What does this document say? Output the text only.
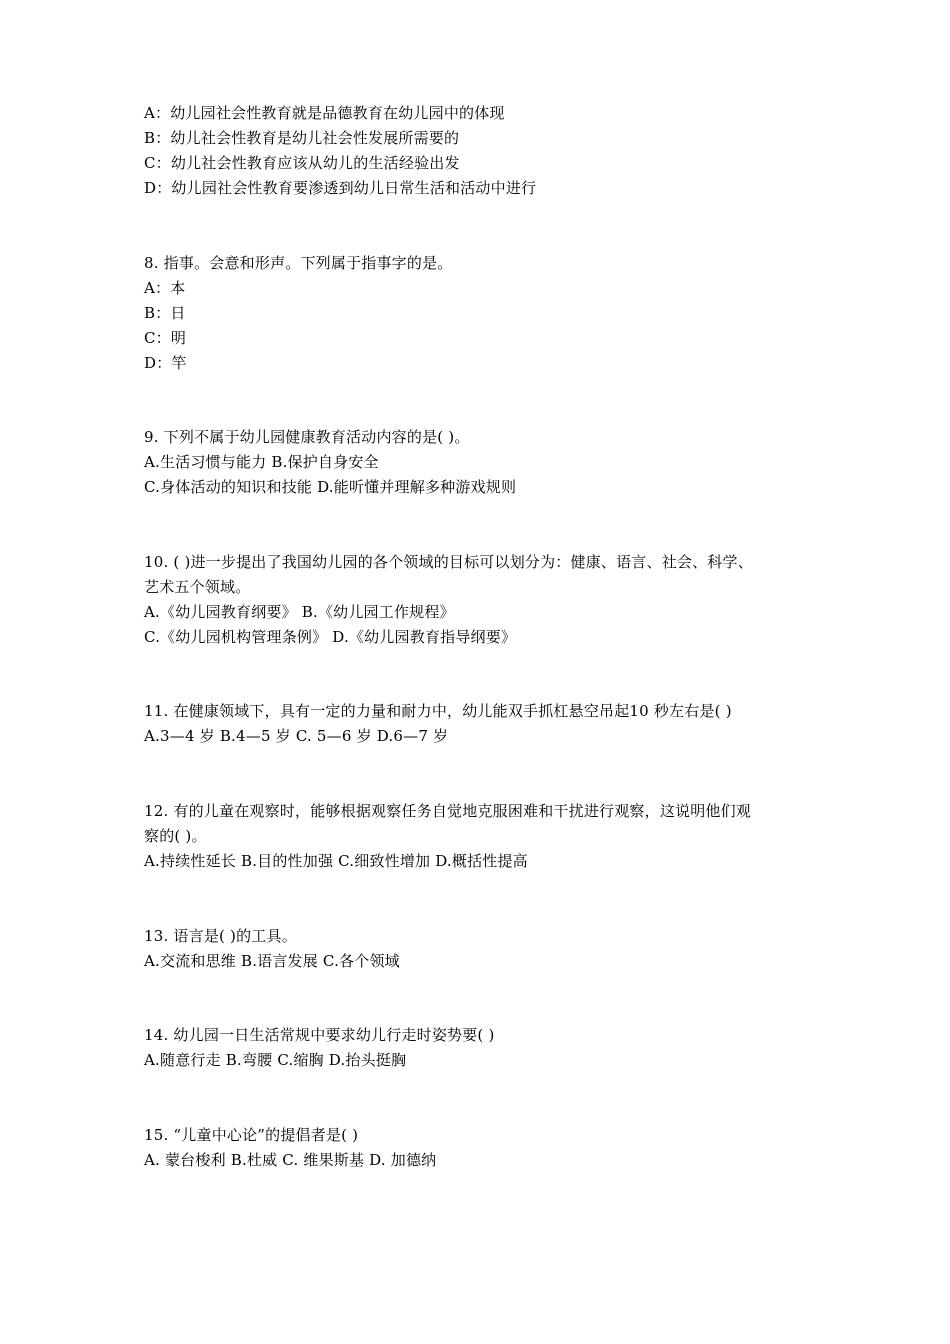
A：幼儿园社会性教育就是品德教育在幼儿园中的体现
B：幼儿社会性教育是幼儿社会性发展所需要的
C：幼儿社会性教育应该从幼儿的生活经验出发
D：幼儿园社会性教育要渗透到幼儿日常生活和活动中进行
8. 指事。会意和形声。下列属于指事字的是。
A：本
B：日
C：明
D：竿
9. 下列不属于幼儿园健康教育活动内容的是( )。
A.生活习惯与能力 B.保护自身安全
C.身体活动的知识和技能 D.能听懂并理解多种游戏规则
10. ( )进一步提出了我国幼儿园的各个领域的目标可以划分为：健康、语言、社会、科学、
艺术五个领域。
A.《幼儿园教育纲要》 B.《幼儿园工作规程》
C.《幼儿园机构管理条例》 D.《幼儿园教育指导纲要》
11. 在健康领域下，具有一定的力量和耐力中，幼儿能双手抓杠悬空吊起10 秒左右是( )
A.3—4 岁 B.4—5 岁 C. 5—6 岁 D.6—7 岁
12. 有的儿童在观察时，能够根据观察任务自觉地克服困难和干扰进行观察，这说明他们观
察的( )。
A.持续性延长 B.目的性加强 C.细致性增加 D.概括性提高
13. 语言是( )的工具。
A.交流和思维 B.语言发展 C.各个领域
14. 幼儿园一日生活常规中要求幼儿行走时姿势要( )
A.随意行走 B.弯腰 C.缩胸 D.抬头挺胸
15. “儿童中心论”的提倡者是( )
A. 蒙台梭利 B.杜威 C. 维果斯基 D. 加德纳
